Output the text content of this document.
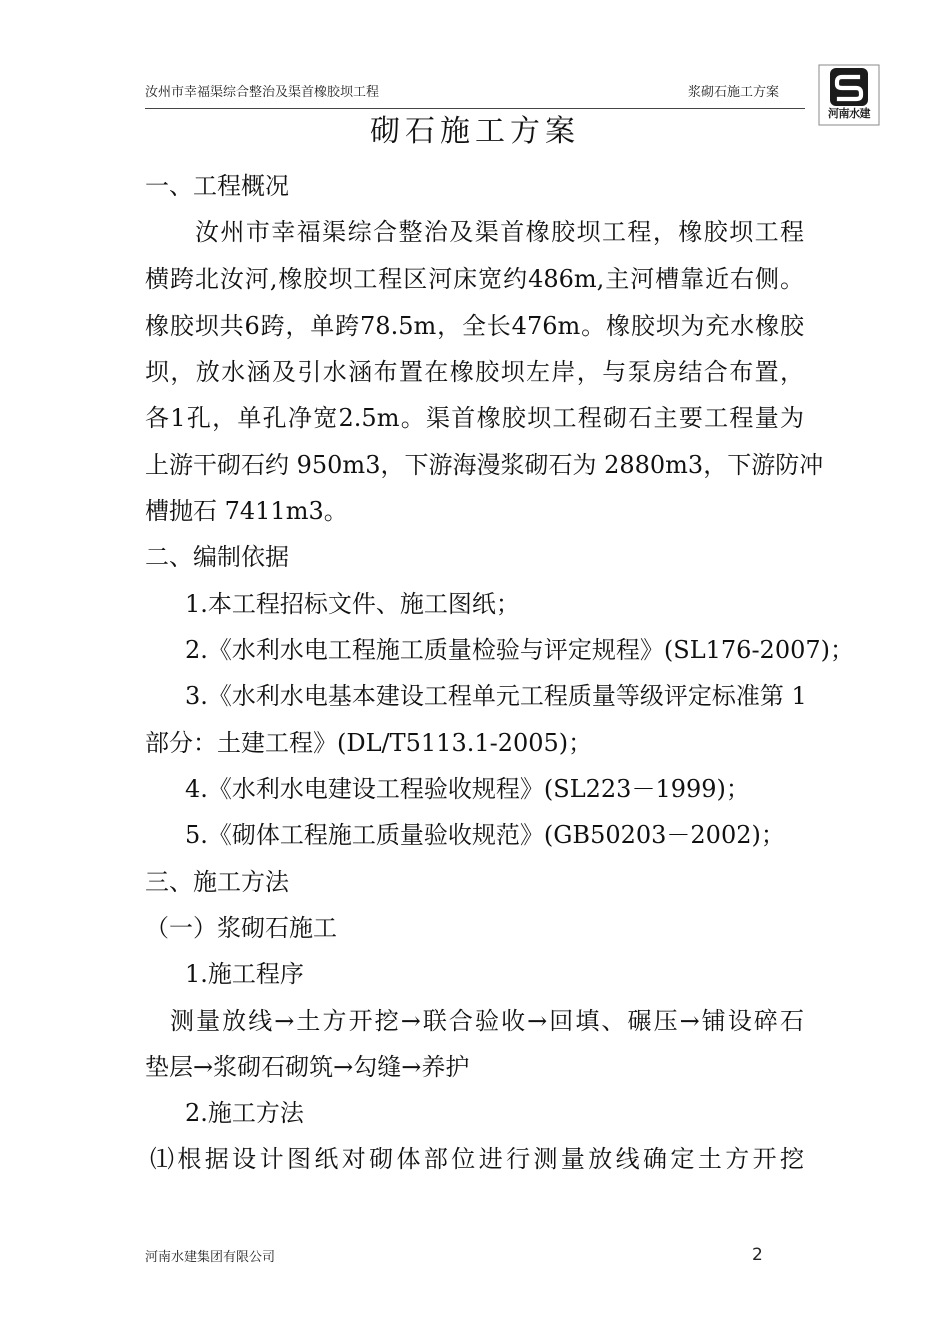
汝州市幸福渠综合整治及渠首橡胶坝工程	浆砌石施工方案
河南水建
砌石施工方案
一、工程概况
汝州市幸福渠综合整治及渠首橡胶坝工程，橡胶坝工程
横跨北汝河,橡胶坝工程区河床宽约486m,主河槽靠近右侧。
橡胶坝共6跨，单跨78.5m，全长476m。橡胶坝为充水橡胶
坝，放水涵及引水涵布置在橡胶坝左岸，与泵房结合布置，
各1孔，单孔净宽2.5m。渠首橡胶坝工程砌石主要工程量为
上游干砌石约 950m3，下游海漫浆砌石为 2880m3，下游防冲
槽抛石 7411m3。
二、编制依据
1.本工程招标文件、施工图纸；
2.《水利水电工程施工质量检验与评定规程》(SL176-2007)；
3.《水利水电基本建设工程单元工程质量等级评定标准第 1
部分：土建工程》(DL/T5113.1-2005)；
4.《水利水电建设工程验收规程》(SL223－1999)；
5.《砌体工程施工质量验收规范》(GB50203－2002)；
三、施工方法
（一）浆砌石施工
1.施工程序
测量放线→土方开挖→联合验收→回填、碾压→铺设碎石
垫层→浆砌石砌筑→勾缝→养护
2.施工方法
⑴根据设计图纸对砌体部位进行测量放线确定土方开挖
河南水建集团有限公司	2
